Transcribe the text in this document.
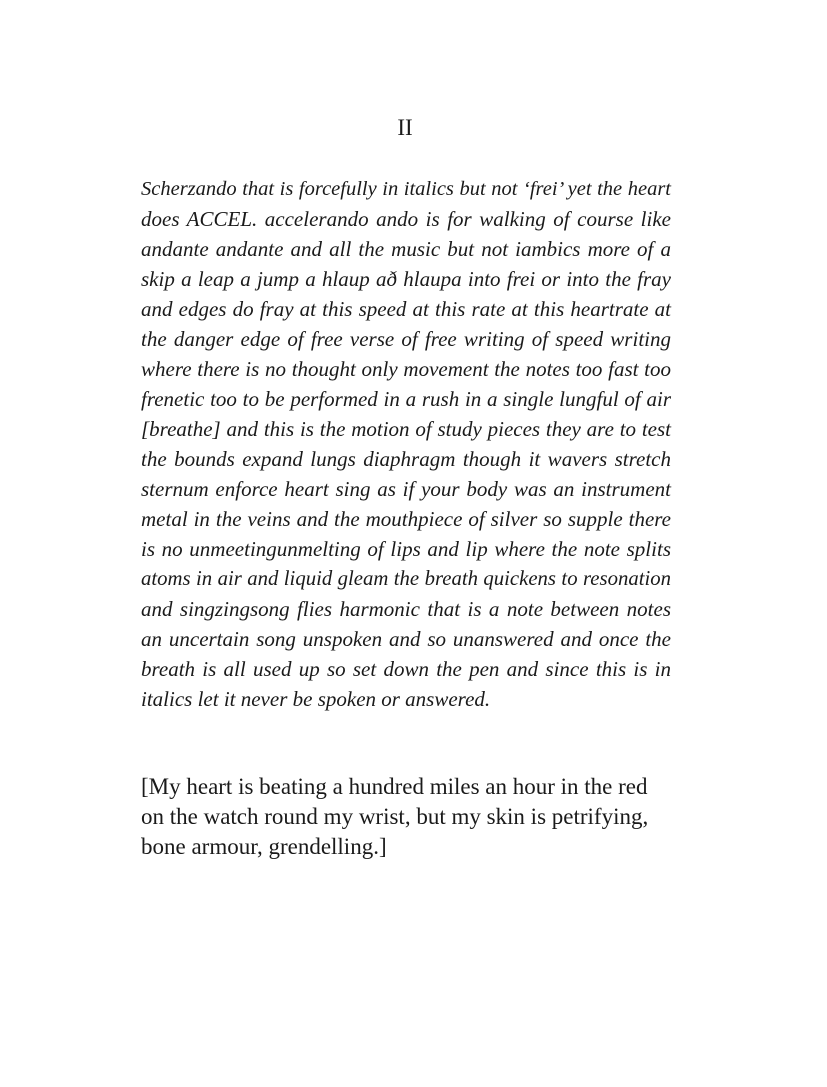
II
Scherzando that is forcefully in italics but not ‘frei’ yet the heart
does ACCEL. accelerando ando is for walking of course like
andante andante and all the music but not iambics more of a
skip a leap a jump a hlaup að hlaupa into frei or into the fray
and edges do fray at this speed at this rate at this heartrate at
the danger edge of free verse of free writing of speed writing
where there is no thought only movement the notes too fast too
frenetic too to be performed in a rush in a single lungful of air
[breathe] and this is the motion of study pieces they are to test
the bounds expand lungs diaphragm though it wavers stretch
sternum enforce heart sing as if your body was an instrument
metal in the veins and the mouthpiece of silver so supple there
is no unmeetingunmelting of lips and lip where the note splits
atoms in air and liquid gleam the breath quickens to resonation
and singzingsong flies harmonic that is a note between notes
an uncertain song unspoken and so unanswered and once the
breath is all used up so set down the pen and since this is in
italics let it never be spoken or answered.
[My heart is beating a hundred miles an hour in the red
on the watch round my wrist, but my skin is petrifying,
bone armour, grendelling.]
